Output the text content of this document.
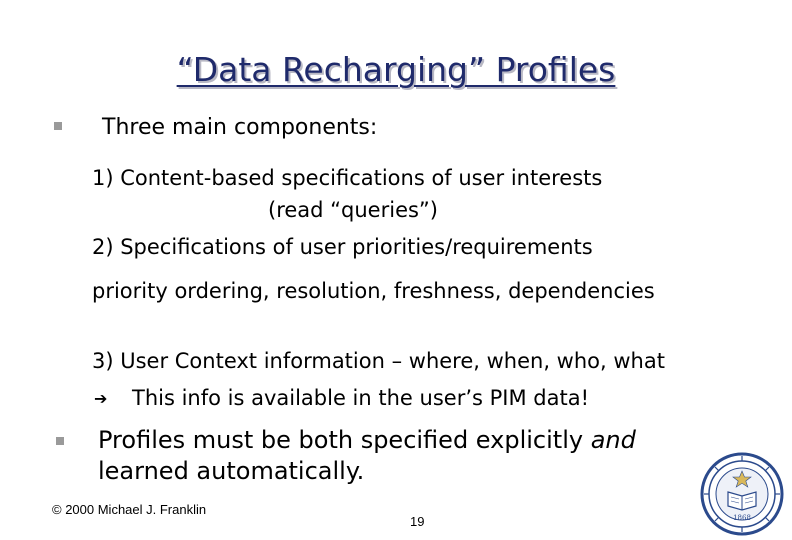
“Data Recharging” Profiles
Three main components:
1) Content-based specifications of user interests
(read “queries”)
2) Specifications of user priorities/requirements
priority ordering, resolution, freshness, dependencies
3) User Context information – where, when, who, what
➔ This info is available in the user’s PIM data!
Profiles must be both specified explicitly and
learned automatically.
© 2000 Michael J. Franklin
19	1868
